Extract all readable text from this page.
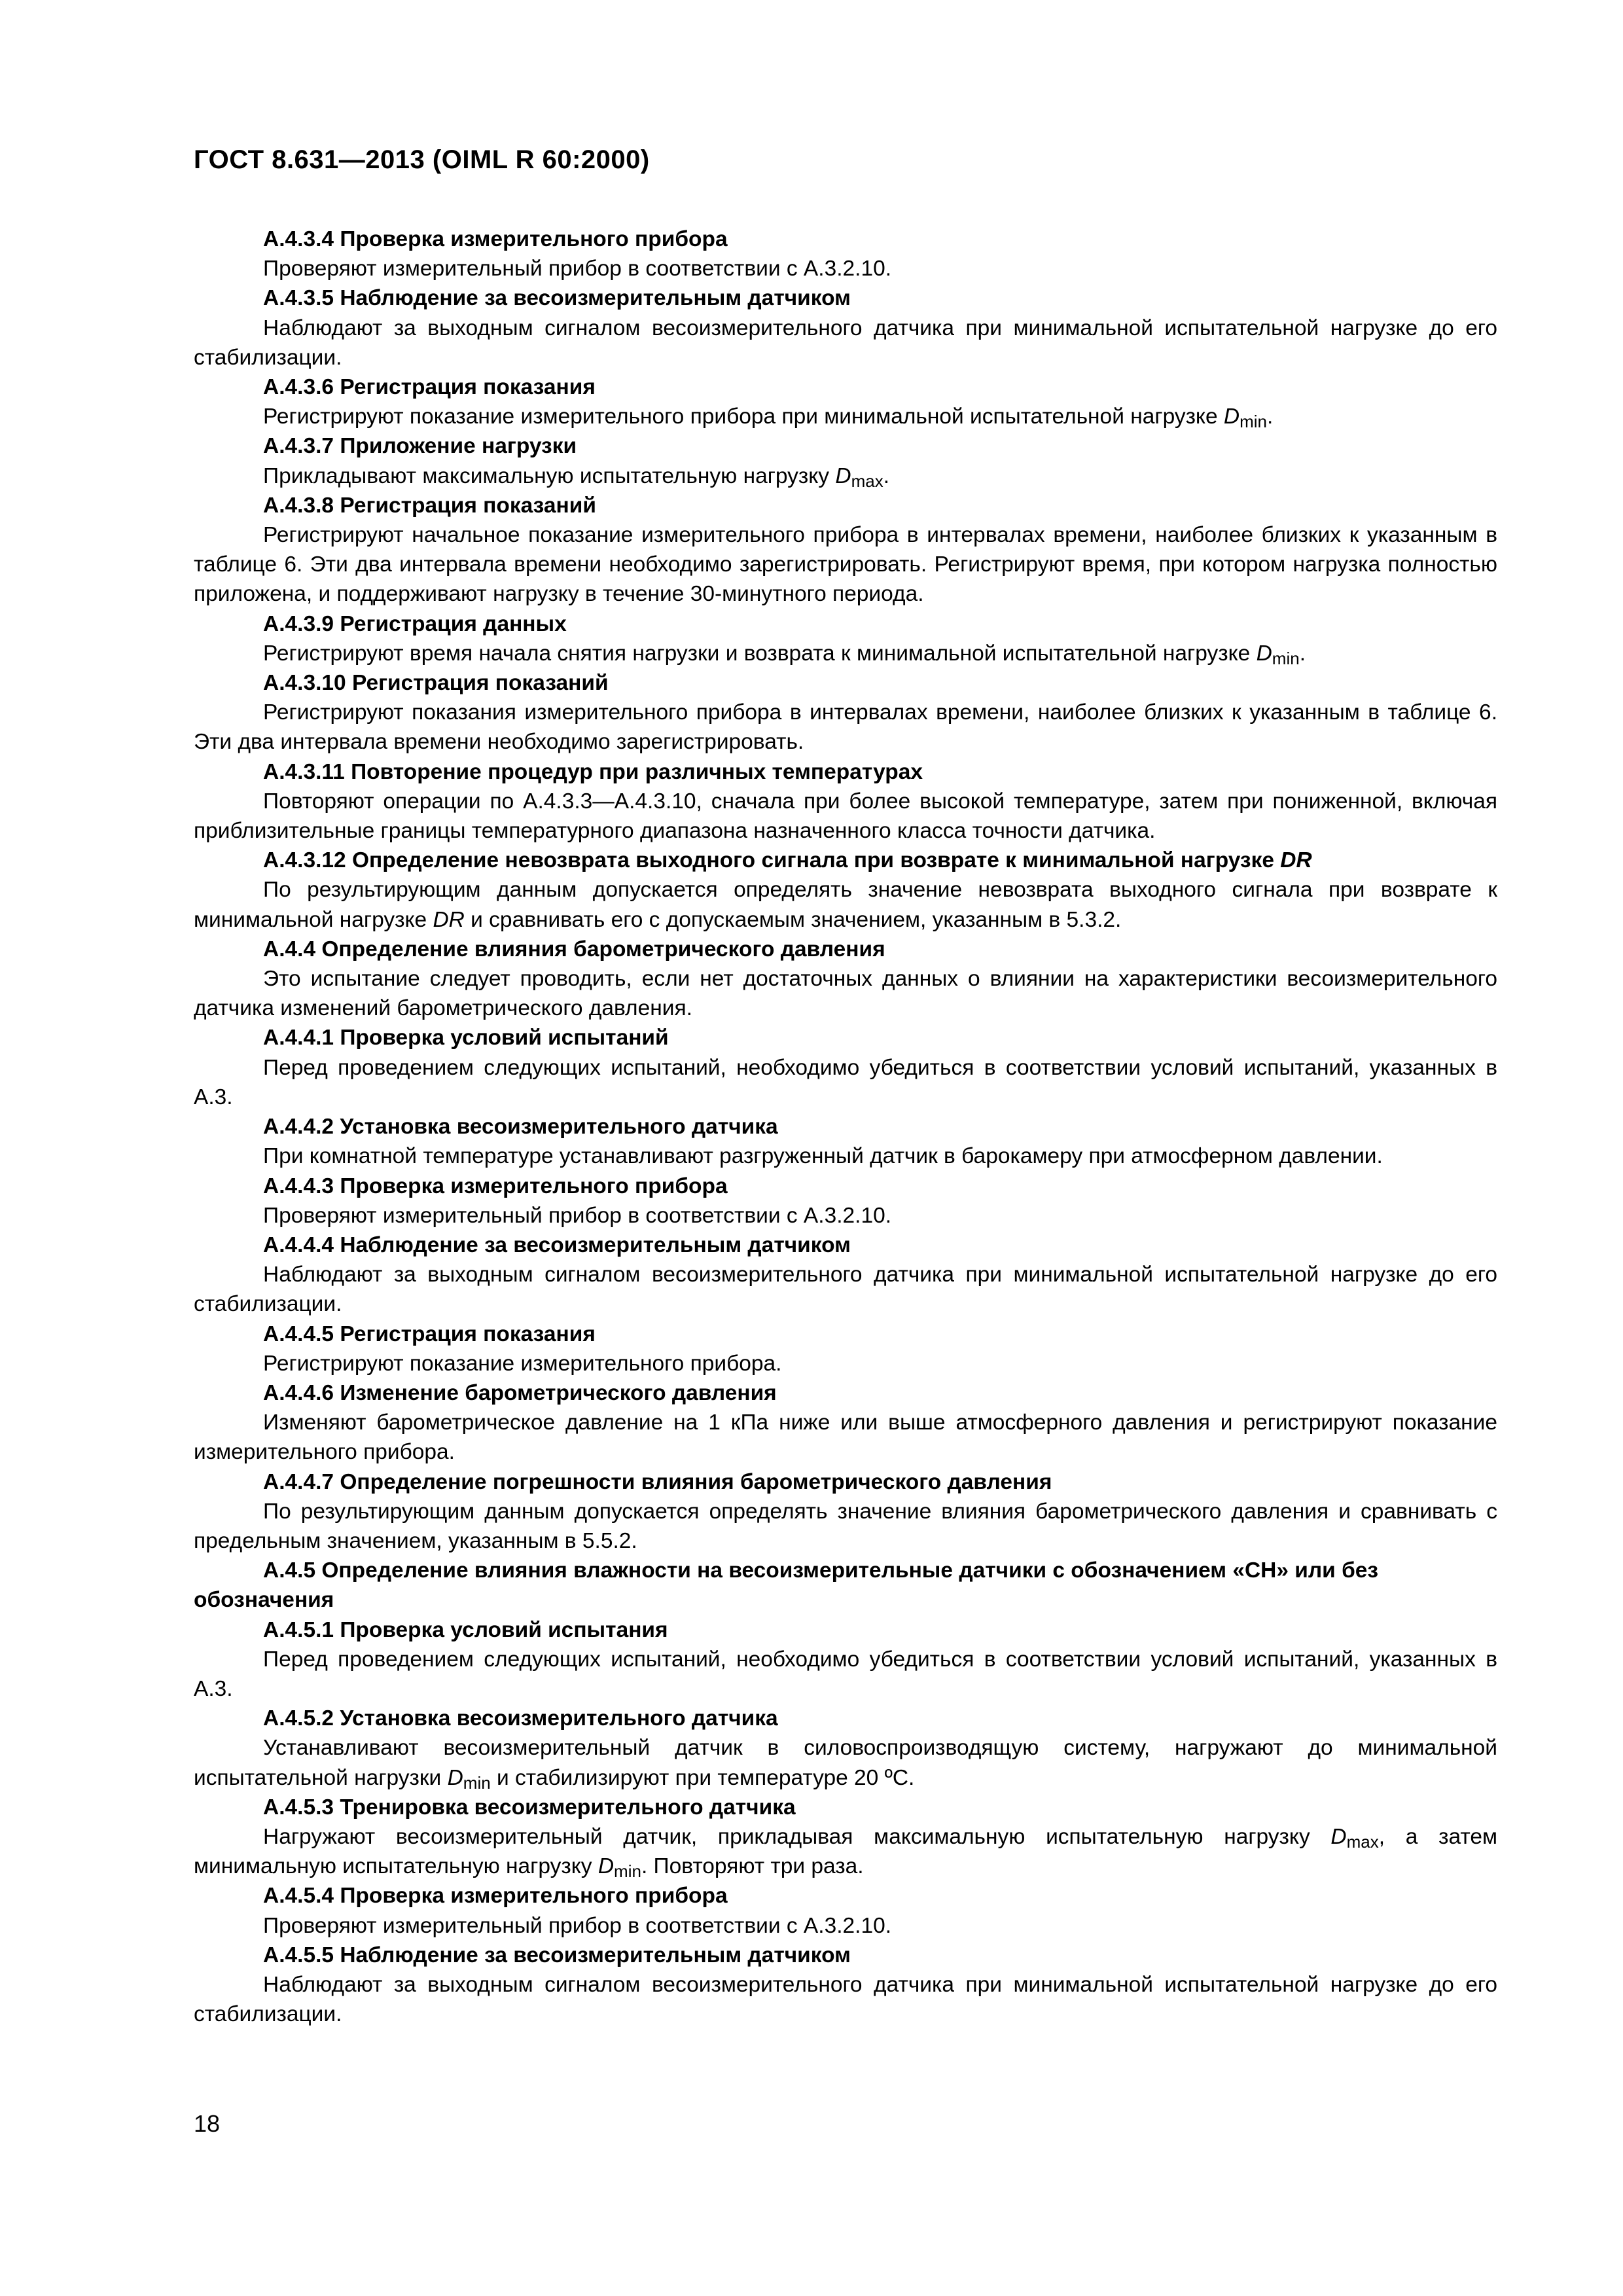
ГОСТ 8.631—2013 (OIML R 60:2000)
А.4.3.4 Проверка измерительного прибора
Проверяют измерительный прибор в соответствии с А.3.2.10.
А.4.3.5 Наблюдение за весоизмерительным датчиком
Наблюдают за выходным сигналом весоизмерительного датчика при минимальной испытательной нагрузке до его стабилизации.
А.4.3.6 Регистрация показания
Регистрируют показание измерительного прибора при минимальной испытательной нагрузке $D_{min}$.
А.4.3.7 Приложение нагрузки
Прикладывают максимальную испытательную нагрузку $D_{max}$.
А.4.3.8 Регистрация показаний
Регистрируют начальное показание измерительного прибора в интервалах времени, наиболее близких к указанным в таблице 6. Эти два интервала времени необходимо зарегистрировать. Регистрируют время, при котором нагрузка полностью приложена, и поддерживают нагрузку в течение 30-минутного периода.
А.4.3.9 Регистрация данных
Регистрируют время начала снятия нагрузки и возврата к минимальной испытательной нагрузке $D_{min}$.
А.4.3.10 Регистрация показаний
Регистрируют показания измерительного прибора в интервалах времени, наиболее близких к указанным в таблице 6. Эти два интервала времени необходимо зарегистрировать.
А.4.3.11 Повторение процедур при различных температурах
Повторяют операции по А.4.3.3—А.4.3.10, сначала при более высокой температуре, затем при пониженной, включая приблизительные границы температурного диапазона назначенного класса точности датчика.
А.4.3.12 Определение невозврата выходного сигнала при возврате к минимальной нагрузке DR
По результирующим данным допускается определять значение невозврата выходного сигнала при возврате к минимальной нагрузке DR и сравнивать его с допускаемым значением, указанным в 5.3.2.
А.4.4 Определение влияния барометрического давления
Это испытание следует проводить, если нет достаточных данных о влиянии на характеристики весоизмерительного датчика изменений барометрического давления.
А.4.4.1 Проверка условий испытаний
Перед проведением следующих испытаний, необходимо убедиться в соответствии условий испытаний, указанных в А.3.
А.4.4.2 Установка весоизмерительного датчика
При комнатной температуре устанавливают разгруженный датчик в барокамеру при атмосферном давлении.
А.4.4.3 Проверка измерительного прибора
Проверяют измерительный прибор в соответствии с А.3.2.10.
А.4.4.4 Наблюдение за весоизмерительным датчиком
Наблюдают за выходным сигналом весоизмерительного датчика при минимальной испытательной нагрузке до его стабилизации.
А.4.4.5 Регистрация показания
Регистрируют показание измерительного прибора.
А.4.4.6 Изменение барометрического давления
Изменяют барометрическое давление на 1 кПа ниже или выше атмосферного давления и регистрируют показание измерительного прибора.
А.4.4.7 Определение погрешности влияния барометрического давления
По результирующим данным допускается определять значение влияния барометрического давления и сравнивать с предельным значением, указанным в 5.5.2.
А.4.5 Определение влияния влажности на весоизмерительные датчики с обозначением «СН» или без обозначения
А.4.5.1 Проверка условий испытания
Перед проведением следующих испытаний, необходимо убедиться в соответствии условий испытаний, указанных в А.3.
А.4.5.2 Установка весоизмерительного датчика
Устанавливают весоизмерительный датчик в силовоспроизводящую систему, нагружают до минимальной испытательной нагрузки $D_{min}$ и стабилизируют при температуре 20 ºС.
А.4.5.3 Тренировка весоизмерительного датчика
Нагружают весоизмерительный датчик, прикладывая максимальную испытательную нагрузку $D_{max}$, а затем минимальную испытательную нагрузку $D_{min}$. Повторяют три раза.
А.4.5.4 Проверка измерительного прибора
Проверяют измерительный прибор в соответствии с А.3.2.10.
А.4.5.5 Наблюдение за весоизмерительным датчиком
Наблюдают за выходным сигналом весоизмерительного датчика при минимальной испытательной нагрузке до его стабилизации.
18
